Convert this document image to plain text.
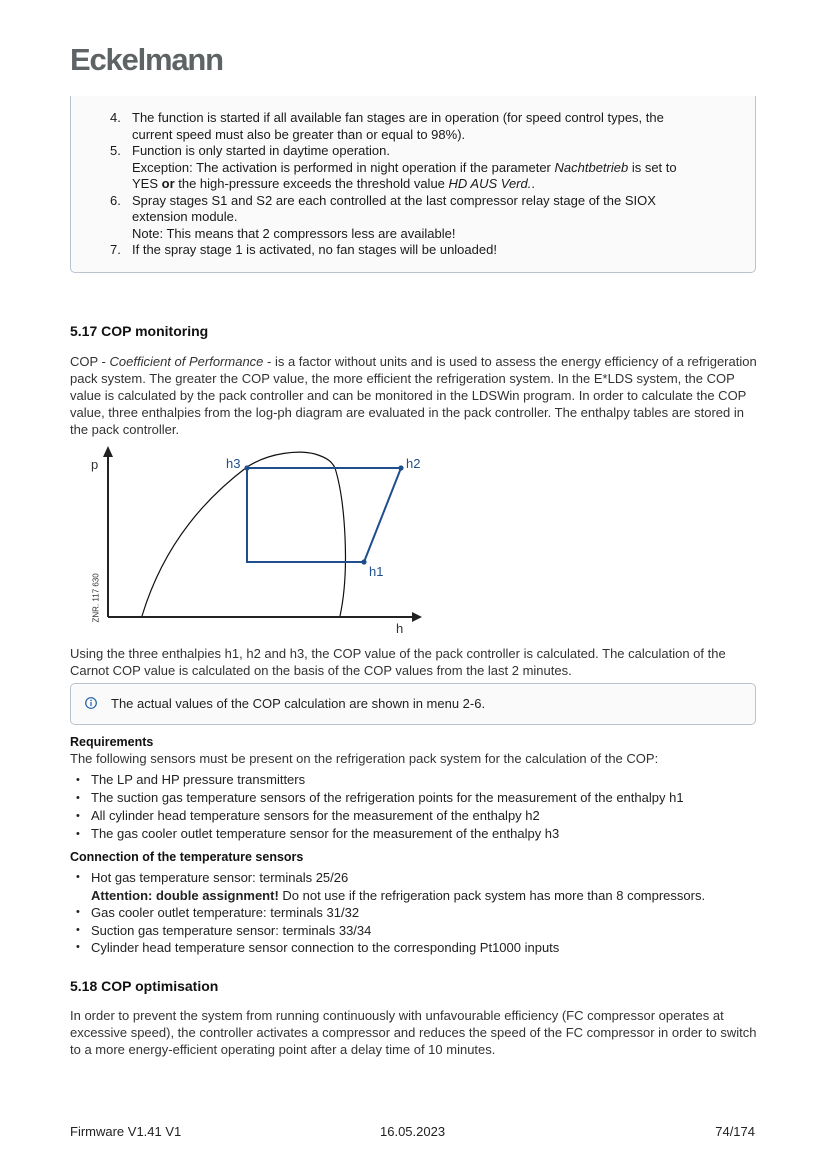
Eckelmann
4. The function is started if all available fan stages are in operation (for speed control types, the
current speed must also be greater than or equal to 98%).
5. Function is only started in daytime operation.
Exception: The activation is performed in night operation if the parameter Nachtbetrieb is set to
YES or the high-pressure exceeds the threshold value HD AUS Verd..
6. Spray stages S1 and S2 are each controlled at the last compressor relay stage of the SIOX
extension module.
Note: This means that 2 compressors less are available!
7. If the spray stage 1 is activated, no fan stages will be unloaded!
5.17 COP monitoring

COP - Coefficient of Performance - is a factor without units and is used to assess the energy efficiency of a refrigeration pack system. The greater the COP value, the more efficient the refrigeration system. In the E*LDS system, the COP value is calculated by the pack controller and can be monitored in the LDSWin program. In order to calculate the COP value, three enthalpies from the log-ph diagram are evaluated in the pack controller. The enthalpy tables are stored in the pack controller.

p
h
h3	h2
h1
ZNR. 117 630

Using the three enthalpies h1, h2 and h3, the COP value of the pack controller is calculated. The calculation of the Carnot COP value is calculated on the basis of the COP values from the last 2 minutes.

The actual values of the COP calculation are shown in menu 2-6.
Requirements

The following sensors must be present on the refrigeration pack system for the calculation of the COP:

• The LP and HP pressure transmitters
• The suction gas temperature sensors of the refrigeration points for the measurement of the enthalpy h1
• All cylinder head temperature sensors for the measurement of the enthalpy h2
• The gas cooler outlet temperature sensor for the measurement of the enthalpy h3
Connection of the temperature sensors
• Hot gas temperature sensor: terminals 25/26
Attention: double assignment! Do not use if the refrigeration pack system has more than 8 compressors.
• Gas cooler outlet temperature: terminals 31/32
• Suction gas temperature sensor: terminals 33/34
• Cylinder head temperature sensor connection to the corresponding Pt1000 inputs
5.18 COP optimisation

In order to prevent the system from running continuously with unfavourable efficiency (FC compressor operates at excessive speed), the controller activates a compressor and reduces the speed of the FC compressor in order to switch to a more energy-efficient operating point after a delay time of 10 minutes.

Firmware V1.41 V1	16.05.2023	74/174
